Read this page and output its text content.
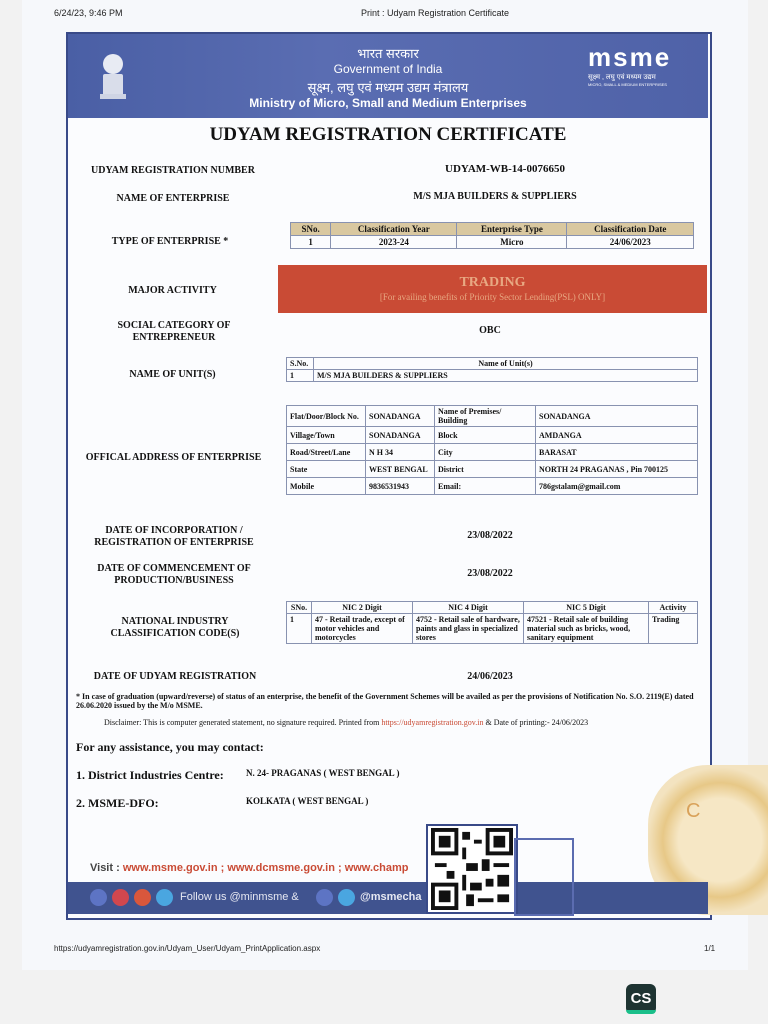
6/24/23, 9:46 PM	Print : Udyam Registration Certificate
C
भारत सरकार
Government of India
सूक्ष्म, लघु एवं मध्यम उद्यम मंत्रालय
Ministry of Micro, Small and Medium Enterprises
msme
सूक्ष्म , लघु एवं मध्यम उद्यम
MICRO, SMALL & MEDIUM ENTERPRISES
UDYAM REGISTRATION CERTIFICATE
UDYAM REGISTRATION NUMBER	UDYAM-WB-14-0076650
NAME OF ENTERPRISE	M/S MJA BUILDERS & SUPPLIERS
TYPE OF ENTERPRISE *
SNo.	Classification Year	Enterprise Type	Classification Date
1	2023-24	Micro	24/06/2023
MAJOR ACTIVITY
TRADING
[For availing benefits of Priority Sector Lending(PSL) ONLY]
SOCIAL CATEGORY OF ENTREPRENEUR
OBC
NAME OF UNIT(S)
S.No.	Name of Unit(s)
1	M/S MJA BUILDERS & SUPPLIERS
OFFICAL ADDRESS OF ENTERPRISE
Flat/Door/Block No.	SONADANGA	Name of Premises/ Building	SONADANGA
Village/Town	SONADANGA	Block	AMDANGA
Road/Street/Lane	N H 34	City	BARASAT
State	WEST BENGAL	District	NORTH 24 PRAGANAS , Pin 700125
Mobile	9836531943	Email:	786gstalam@gmail.com
DATE OF INCORPORATION / REGISTRATION OF ENTERPRISE
23/08/2022
DATE OF COMMENCEMENT OF PRODUCTION/BUSINESS
23/08/2022
NATIONAL INDUSTRY CLASSIFICATION CODE(S)
SNo.	NIC 2 Digit	NIC 4 Digit	NIC 5 Digit	Activity
1	47 - Retail trade, except of motor vehicles and motorcycles	4752 - Retail sale of hardware, paints and glass in specialized stores	47521 - Retail sale of building material such as bricks, wood, sanitary equipment	Trading
DATE OF UDYAM REGISTRATION	24/06/2023
* In case of graduation (upward/reverse) of status of an enterprise, the benefit of the Government Schemes will be availed as per the provisions of Notification No. S.O. 2119(E) dated 26.06.2020 issued by the M/o MSME.
Disclaimer: This is computer generated statement, no signature required. Printed from https://udyamregistration.gov.in & Date of printing:- 24/06/2023
For any assistance, you may contact:
1. District Industries Centre: N. 24- PRAGANAS ( WEST BENGAL )
2. MSME-DFO:	KOLKATA ( WEST BENGAL )
Visit : www.msme.gov.in ; www.dcmsme.gov.in ; www.champ

Follow us @minmsme &	@msmecha
https://udyamregistration.gov.in/Udyam_User/Udyam_PrintApplication.aspx	1/1
CS
